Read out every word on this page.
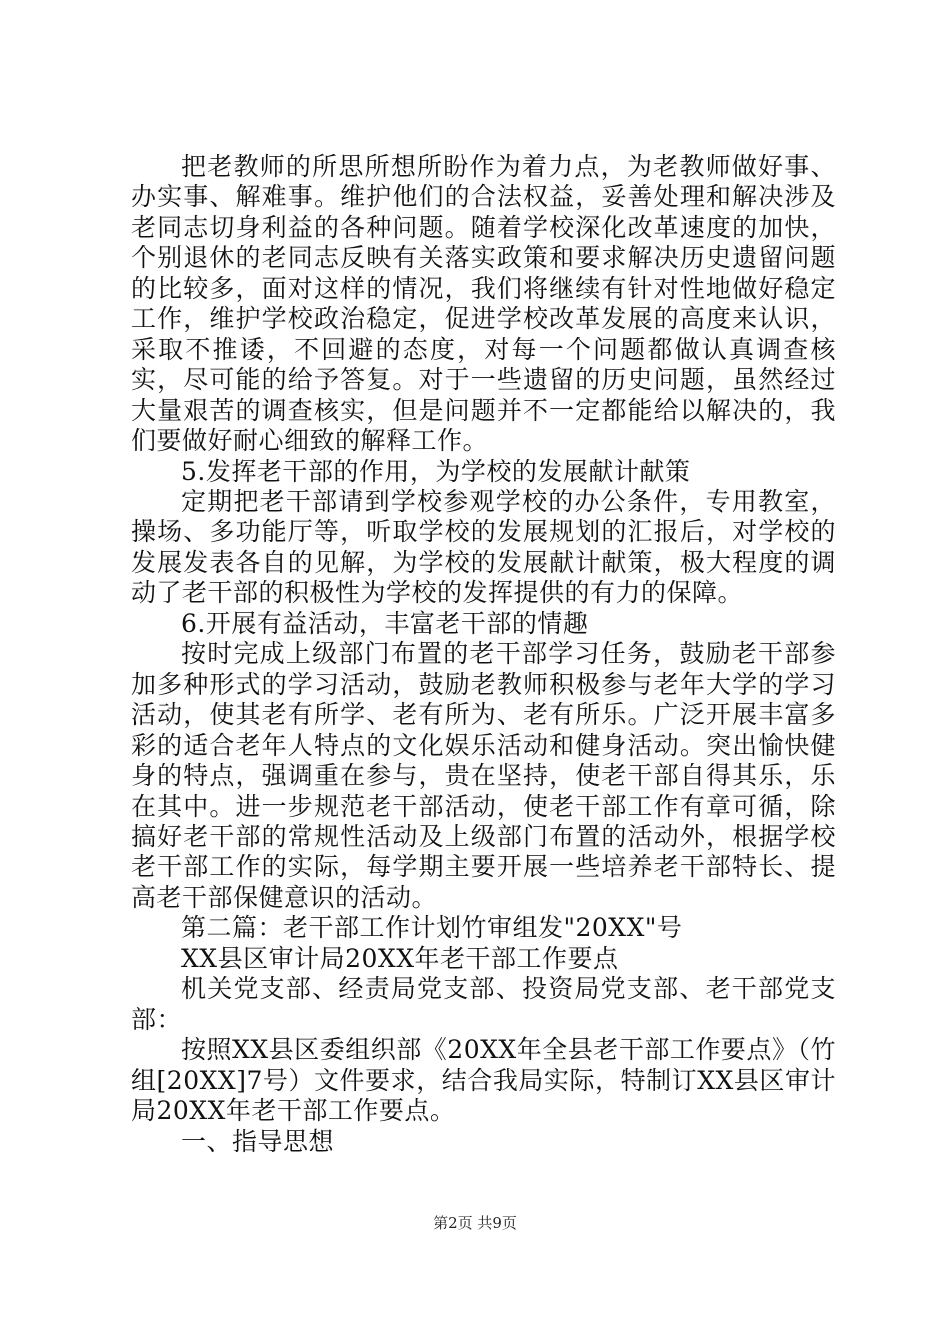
把老教师的所思所想所盼作为着力点，为老教师做好事、办实事、解难事。维护他们的合法权益，妥善处理和解决涉及老同志切身利益的各种问题。随着学校深化改革速度的加快，个别退休的老同志反映有关落实政策和要求解决历史遗留问题的比较多，面对这样的情况，我们将继续有针对性地做好稳定工作，维护学校政治稳定，促进学校改革发展的高度来认识，采取不推诿，不回避的态度，对每一个问题都做认真调查核实，尽可能的给予答复。对于一些遗留的历史问题，虽然经过大量艰苦的调查核实，但是问题并不一定都能给以解决的，我们要做好耐心细致的解释工作。

5.发挥老干部的作用，为学校的发展献计献策

定期把老干部请到学校参观学校的办公条件，专用教室，操场、多功能厅等，听取学校的发展规划的汇报后，对学校的发展发表各自的见解，为学校的发展献计献策，极大程度的调动了老干部的积极性为学校的发挥提供的有力的保障。

6.开展有益活动，丰富老干部的情趣

按时完成上级部门布置的老干部学习任务，鼓励老干部参加多种形式的学习活动，鼓励老教师积极参与老年大学的学习活动，使其老有所学、老有所为、老有所乐。广泛开展丰富多彩的适合老年人特点的文化娱乐活动和健身活动。突出愉快健身的特点，强调重在参与，贵在坚持，使老干部自得其乐，乐在其中。进一步规范老干部活动，使老干部工作有章可循，除搞好老干部的常规性活动及上级部门布置的活动外，根据学校老干部工作的实际，每学期主要开展一些培养老干部特长、提高老干部保健意识的活动。

第二篇：老干部工作计划竹审组发"20XX"号

XX县区审计局20XX年老干部工作要点

机关党支部、经责局党支部、投资局党支部、老干部党支部：

按照XX县区委组织部《20XX年全县老干部工作要点》（竹组[20XX]7号）文件要求，结合我局实际，特制订XX县区审计局20XX年老干部工作要点。

一、指导思想

第2页 共9页
